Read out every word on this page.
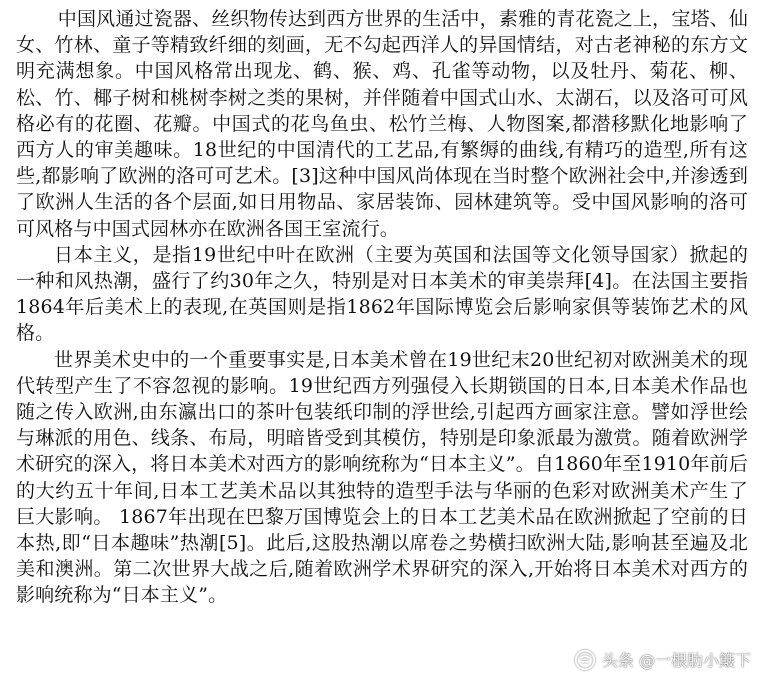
中国风通过瓷器、丝织物传达到西方世界的生活中，素雅的青花瓷之上，宝塔、仙女、竹林、童子等精致纤细的刻画，无不勾起西洋人的异国情结，对古老神秘的东方文明充满想象。中国风格常出现龙、鹤、猴、鸡、孔雀等动物，以及牡丹、菊花、柳、松、竹、椰子树和桃树李树之类的果树，并伴随着中国式山水、太湖石，以及洛可可风格必有的花圈、花瓣。中国式的花鸟鱼虫、松竹兰梅、人物图案,都潜移默化地影响了西方人的审美趣味。18世纪的中国清代的工艺品,有繁缛的曲线,有精巧的造型,所有这些,都影响了欧洲的洛可可艺术。[3]这种中国风尚体现在当时整个欧洲社会中,并渗透到了欧洲人生活的各个层面,如日用物品、家居装饰、园林建筑等。受中国风影响的洛可可风格与中国式园林亦在欧洲各国王室流行。

日本主义，是指19世纪中叶在欧洲（主要为英国和法国等文化领导国家）掀起的一种和风热潮，盛行了约30年之久，特别是对日本美术的审美崇拜[4]。在法国主要指1864年后美术上的表现,在英国则是指1862年国际博览会后影响家俱等装饰艺术的风格。

世界美术史中的一个重要事实是,日本美术曾在19世纪末20世纪初对欧洲美术的现代转型产生了不容忽视的影响。19世纪西方列强侵入长期锁国的日本,日本美术作品也随之传入欧洲,由东瀛出口的茶叶包装纸印制的浮世绘,引起西方画家注意。譬如浮世绘与琳派的用色、线条、布局，明暗皆受到其模仿，特别是印象派最为激赏。随着欧洲学术研究的深入，将日本美术对西方的影响统称为“日本主义”。自1860年至1910年前后的大约五十年间,日本工艺美术品以其独特的造型手法与华丽的色彩对欧洲美术产生了巨大影响。 1867年出现在巴黎万国博览会上的日本工艺美术品在欧洲掀起了空前的日本热,即“日本趣味”热潮[5]。此后,这股热潮以席卷之势横扫欧洲大陆,影响甚至遍及北美和澳洲。第二次世界大战之后,随着欧洲学术界研究的深入,开始将日本美术对西方的影响统称为“日本主义”。

头条 @一根肋小簸下
